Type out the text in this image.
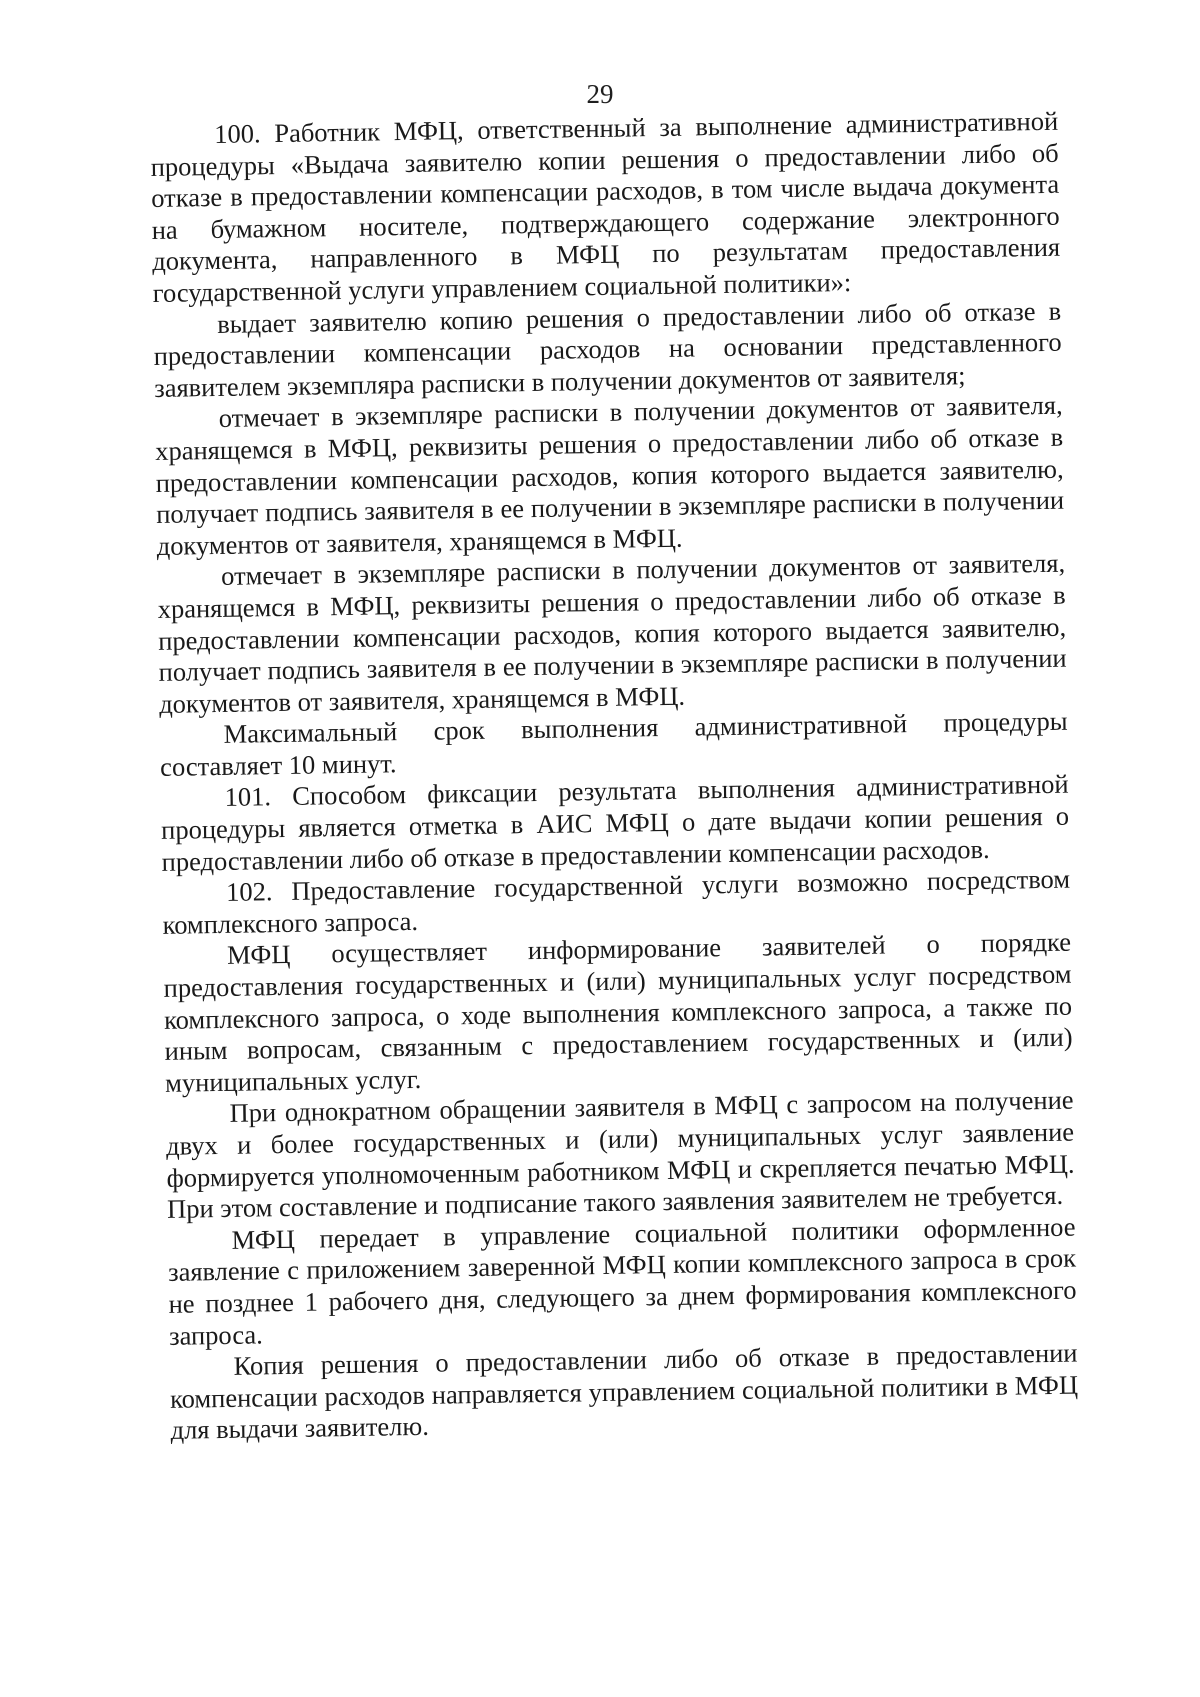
29

100. Работник МФЦ, ответственный за выполнение административной процедуры «Выдача заявителю копии решения о предоставлении либо об отказе в предоставлении компенсации расходов, в том числе выдача документа на бумажном носителе, подтверждающего содержание электронного документа, направленного в МФЦ по результатам предоставления государственной услуги управлением социальной политики»:

выдает заявителю копию решения о предоставлении либо об отказе в предоставлении компенсации расходов на основании представленного заявителем экземпляра расписки в получении документов от заявителя;

отмечает в экземпляре расписки в получении документов от заявителя, хранящемся в МФЦ, реквизиты решения о предоставлении либо об отказе в предоставлении компенсации расходов, копия которого выдается заявителю, получает подпись заявителя в ее получении в экземпляре расписки в получении документов от заявителя, хранящемся в МФЦ.

отмечает в экземпляре расписки в получении документов от заявителя, хранящемся в МФЦ, реквизиты решения о предоставлении либо об отказе в предоставлении компенсации расходов, копия которого выдается заявителю, получает подпись заявителя в ее получении в экземпляре расписки в получении документов от заявителя, хранящемся в МФЦ.

Максимальный срок выполнения административной процедуры составляет 10 минут.

101. Способом фиксации результата выполнения административной процедуры является отметка в АИС МФЦ о дате выдачи копии решения о предоставлении либо об отказе в предоставлении компенсации расходов.

102. Предоставление государственной услуги возможно посредством комплексного запроса.

МФЦ осуществляет информирование заявителей о порядке предоставления государственных и (или) муниципальных услуг посредством комплексного запроса, о ходе выполнения комплексного запроса, а также по иным вопросам, связанным с предоставлением государственных и (или) муниципальных услуг.

При однократном обращении заявителя в МФЦ с запросом на получение двух и более государственных и (или) муниципальных услуг заявление формируется уполномоченным работником МФЦ и скрепляется печатью МФЦ. При этом составление и подписание такого заявления заявителем не требуется.

МФЦ передает в управление социальной политики оформленное заявление с приложением заверенной МФЦ копии комплексного запроса в срок не позднее 1 рабочего дня, следующего за днем формирования комплексного запроса.

Копия решения о предоставлении либо об отказе в предоставлении компенсации расходов направляется управлением социальной политики в МФЦ для выдачи заявителю.
